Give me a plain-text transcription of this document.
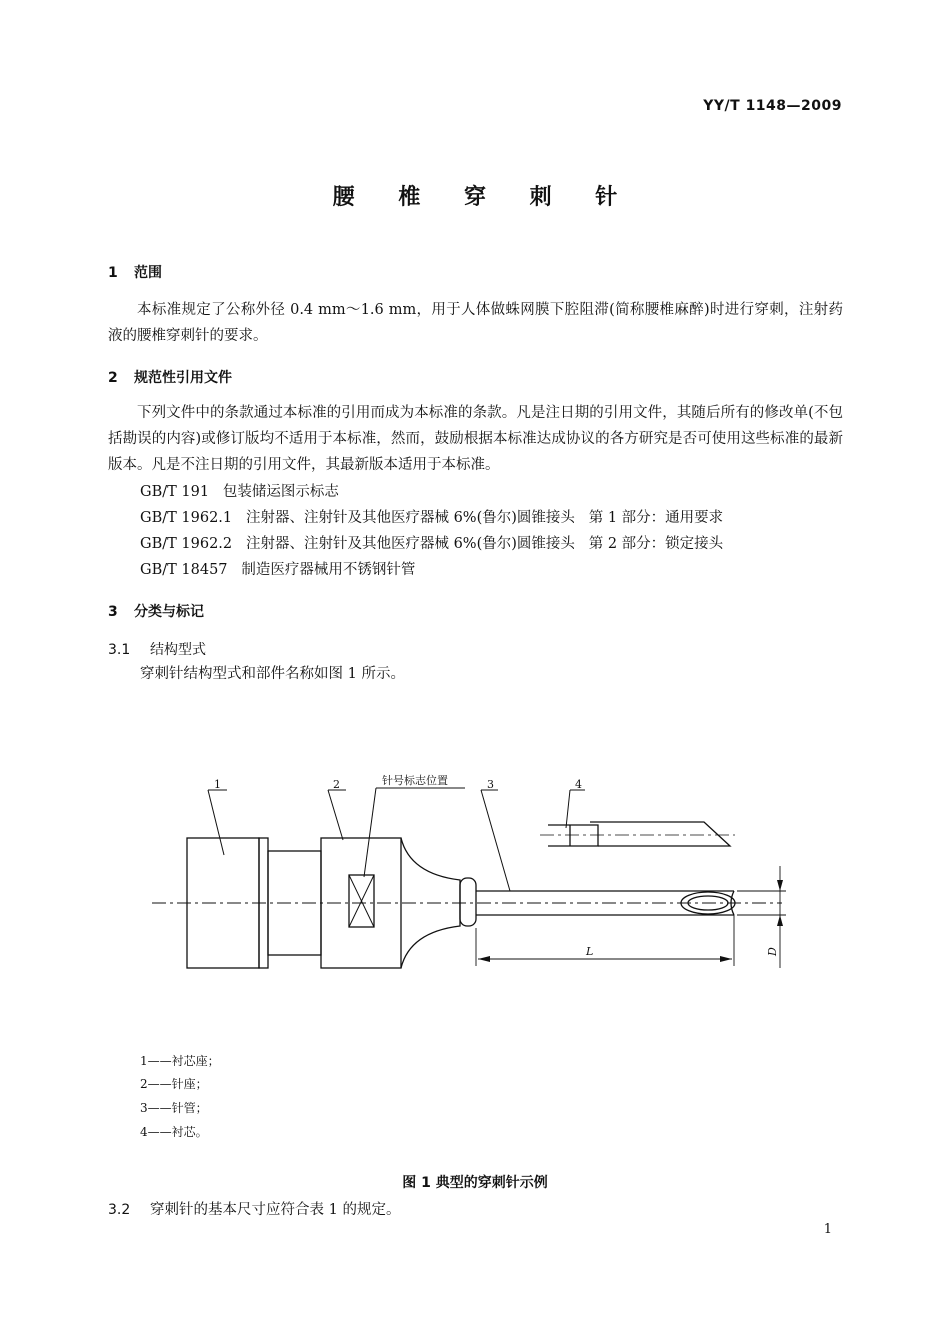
YY/T 1148—2009
腰 椎 穿 刺 针
1 范围
本标准规定了公称外径 0.4 mm～1.6 mm，用于人体做蛛网膜下腔阻滞(简称腰椎麻醉)时进行穿刺，注射药液的腰椎穿刺针的要求。
2 规范性引用文件
下列文件中的条款通过本标准的引用而成为本标准的条款。凡是注日期的引用文件，其随后所有的修改单(不包括勘误的内容)或修订版均不适用于本标准，然而，鼓励根据本标准达成协议的各方研究是否可使用这些标准的最新版本。凡是不注日期的引用文件，其最新版本适用于本标准。
GB/T 191   包装储运图示标志
GB/T 1962.1   注射器、注射针及其他医疗器械 6%(鲁尔)圆锥接头   第 1 部分：通用要求
GB/T 1962.2   注射器、注射针及其他医疗器械 6%(鲁尔)圆锥接头   第 2 部分：锁定接头
GB/T 18457   制造医疗器械用不锈钢针管
3 分类与标记
3.1 结构型式
穿刺针结构型式和部件名称如图 1 所示。
1	2	针号标志位置	3	4
L	D
1——衬芯座；
2——针座；
3——针管；
4——衬芯。
图 1 典型的穿刺针示例
3.2 穿刺针的基本尺寸应符合表 1 的规定。
1
